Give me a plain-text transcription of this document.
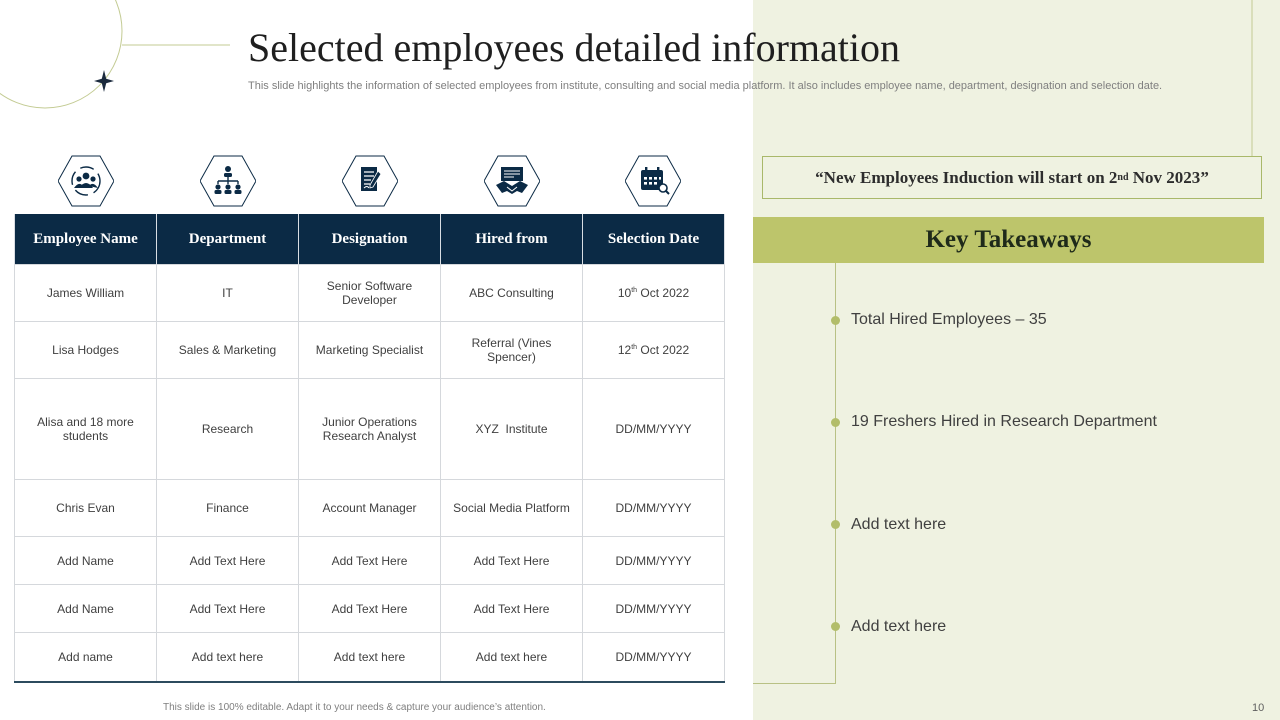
Selected employees detailed information
This slide highlights the information of selected employees from institute, consulting and social media platform. It also includes employee name, department, designation and selection date.
Employee Name	Department	Designation	Hired from	Selection Date
James William	IT	Senior Software Developer	ABC Consulting	10th Oct 2022
Lisa Hodges	Sales & Marketing	Marketing Specialist	Referral (Vines Spencer)	12th Oct 2022
Alisa and 18 more students	Research	Junior Operations Research Analyst	XYZ  Institute	DD/MM/YYYY
Chris Evan	Finance	Account Manager	Social Media Platform	DD/MM/YYYY
Add Name	Add Text Here	Add Text Here	Add Text Here	DD/MM/YYYY
Add Name	Add Text Here	Add Text Here	Add Text Here	DD/MM/YYYY
Add name	Add text here	Add text here	Add text here	DD/MM/YYYY
“ New Employees Induction will start on 2 nd Nov 2023 ”
Key Takeaways
Total Hired Employees – 35
19 Freshers Hired in Research Department
Add text here
Add text here
This slide is 100% editable. Adapt it to your needs & capture your audience’s attention.	10
